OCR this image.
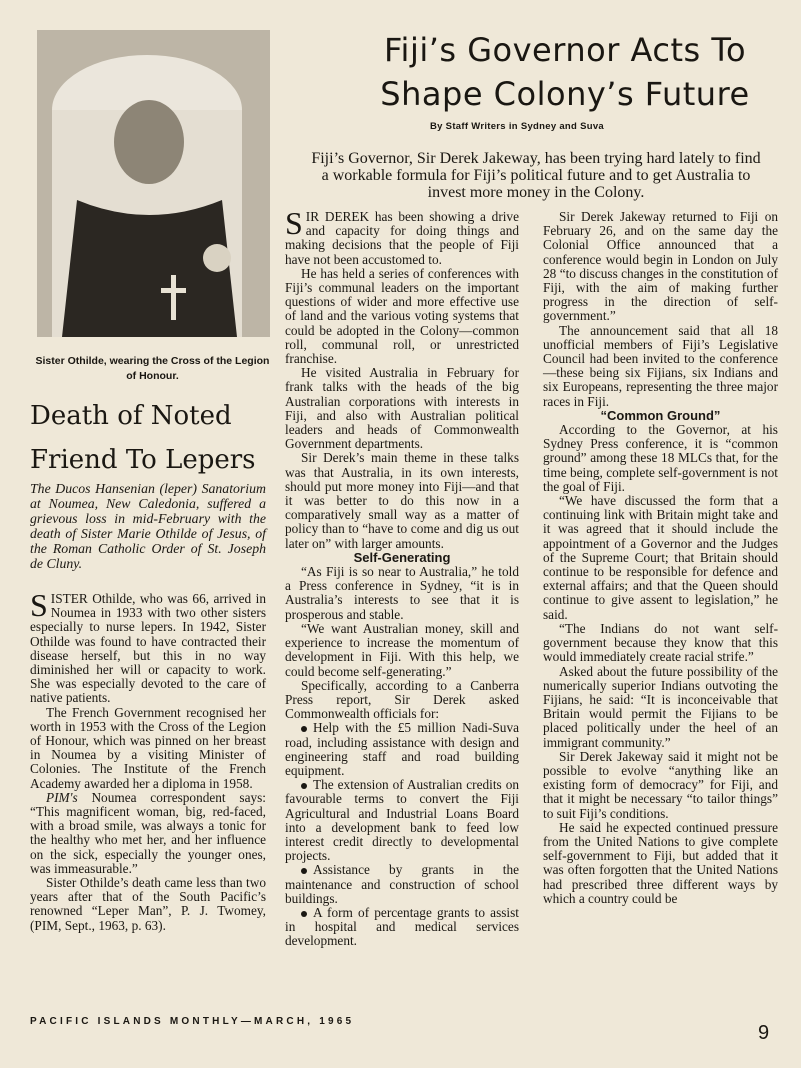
Sister Othilde, wearing the Cross of the Legion of Honour.
Death of Noted
Friend To Lepers
The Ducos Hansenian (leper) Sanatorium at Noumea, New Caledonia, suffered a grievous loss in mid-February with the death of Sister Marie Othilde of Jesus, of the Roman Catholic Order of St. Joseph de Cluny.

SISTER Othilde, who was 66, arrived in Noumea in 1933 with two other sisters especially to nurse lepers. In 1942, Sister Othilde was found to have contracted their disease herself, but this in no way diminished her will or capacity to work. She was especially devoted to the care of native patients.

The French Government recognised her worth in 1953 with the Cross of the Legion of Honour, which was pinned on her breast in Noumea by a visiting Minister of Colonies. The Institute of the French Academy awarded her a diploma in 1958.

PIM's Noumea correspondent says: “This magnificent woman, big, red-faced, with a broad smile, was always a tonic for the healthy who met her, and her influence on the sick, especially the younger ones, was immeasurable.”

Sister Othilde’s death came less than two years after that of the South Pacific’s renowned “Leper Man”, P. J. Twomey, (PIM, Sept., 1963, p. 63).

Fiji’s Governor Acts To
Shape Colony’s Future
By Staff Writers in Sydney and Suva
Fiji’s Governor, Sir Derek Jakeway, has been trying hard lately to find a workable formula for Fiji’s political future and to get Australia to invest more money in the Colony.

SIR DEREK has been showing a drive and capacity for doing things and making decisions that the people of Fiji have not been accustomed to.

He has held a series of conferences with Fiji’s communal leaders on the important questions of wider and more effective use of land and the various voting systems that could be adopted in the Colony—common roll, communal roll, or unrestricted franchise.

He visited Australia in February for frank talks with the heads of the big Australian corporations with interests in Fiji, and also with Australian political leaders and heads of Commonwealth Government departments.

Sir Derek’s main theme in these talks was that Australia, in its own interests, should put more money into Fiji—and that it was better to do this now in a comparatively small way as a matter of policy than to “have to come and dig us out later on” with larger amounts.

Self-Generating

“As Fiji is so near to Australia,” he told a Press conference in Sydney, “it is in Australia’s interests to see that it is prosperous and stable.

“We want Australian money, skill and experience to increase the momentum of development in Fiji. With this help, we could become self-generating.”

Specifically, according to a Canberra Press report, Sir Derek asked Commonwealth officials for:

Help with the £5 million Nadi-Suva road, including assistance with design and engineering staff and road building equipment.

The extension of Australian credits on favourable terms to convert the Fiji Agricultural and Industrial Loans Board into a development bank to feed low interest credit directly to developmental projects.

Assistance by grants in the maintenance and construction of school buildings.

A form of percentage grants to assist in hospital and medical services development.

Sir Derek Jakeway returned to Fiji on February 26, and on the same day the Colonial Office announced that a conference would begin in London on July 28 “to discuss changes in the constitution of Fiji, with the aim of making further progress in the direction of self-government.”

The announcement said that all 18 unofficial members of Fiji’s Legislative Council had been invited to the conference—these being six Fijians, six Indians and six Europeans, representing the three major races in Fiji.

“Common Ground”

According to the Governor, at his Sydney Press conference, it is “common ground” among these 18 MLCs that, for the time being, complete self-government is not the goal of Fiji.

“We have discussed the form that a continuing link with Britain might take and it was agreed that it should include the appointment of a Governor and the Judges of the Supreme Court; that Britain should continue to be responsible for defence and external affairs; and that the Queen should continue to give assent to legislation,” he said.

“The Indians do not want self-government because they know that this would immediately create racial strife.”

Asked about the future possibility of the numerically superior Indians outvoting the Fijians, he said: “It is inconceivable that Britain would permit the Fijians to be placed politically under the heel of an immigrant community.”

Sir Derek Jakeway said it might not be possible to evolve “anything like an existing form of democracy” for Fiji, and that it might be necessary “to tailor things” to suit Fiji’s conditions.

He said he expected continued pressure from the United Nations to give complete self-government to Fiji, but added that it was often forgotten that the United Nations had prescribed three different ways by which a country could be

PACIFIC ISLANDS MONTHLY—MARCH, 1965
9
